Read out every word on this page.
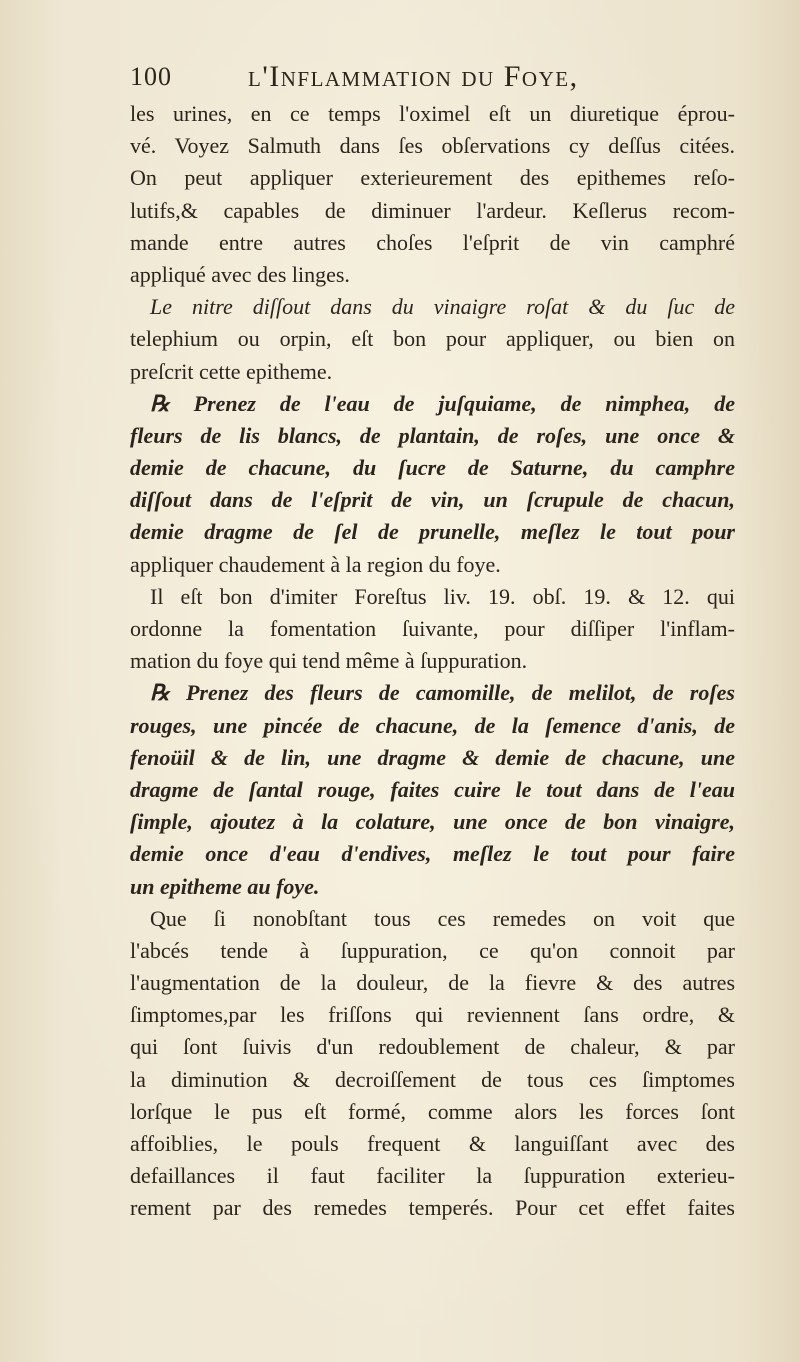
100	l'Inflammation du Foye,
les urines, en ce temps l'oximel eſt un diuretique éprou-
vé. Voyez Salmuth dans ſes obſervations cy deſſus citées.
On peut appliquer exterieurement des epithemes reſo-
lutifs,& capables de diminuer l'ardeur. Keſlerus recom-
mande entre autres choſes l'eſprit de vin camphré
appliqué avec des linges.
Le nitre diſſout dans du vinaigre roſat & du ſuc de
telephium ou orpin, eſt bon pour appliquer, ou bien on
preſcrit cette epitheme.
℞ Prenez de l'eau de juſquiame, de nimphea, de
fleurs de lis blancs, de plantain, de roſes, une once &
demie de chacune, du ſucre de Saturne, du camphre
diſſout dans de l'eſprit de vin, un ſcrupule de chacun,
demie dragme de ſel de prunelle, meſlez le tout pour
appliquer chaudement à la region du foye.
Il eſt bon d'imiter Foreſtus liv. 19. obſ. 19. & 12. qui
ordonne la fomentation ſuivante, pour diſſiper l'inflam-
mation du foye qui tend même à ſuppuration.
℞ Prenez des fleurs de camomille, de melilot, de roſes
rouges, une pincée de chacune, de la ſemence d'anis, de
fenoüil & de lin, une dragme & demie de chacune, une
dragme de ſantal rouge, faites cuire le tout dans de l'eau
ſimple, ajoutez à la colature, une once de bon vinaigre,
demie once d'eau d'endives, meſlez le tout pour faire
un epitheme au foye.
Que ſi nonobſtant tous ces remedes on voit que
l'abcés tende à ſuppuration, ce qu'on connoit par
l'augmentation de la douleur, de la fievre & des autres
ſimptomes,par les friſſons qui reviennent ſans ordre, &
qui ſont ſuivis d'un redoublement de chaleur, & par
la diminution & decroiſſement de tous ces ſimptomes
lorſque le pus eſt formé, comme alors les forces ſont
affoiblies, le pouls frequent & languiſſant avec des
defaillances il faut faciliter la ſuppuration exterieu-
rement par des remedes temperés. Pour cet effet faites
